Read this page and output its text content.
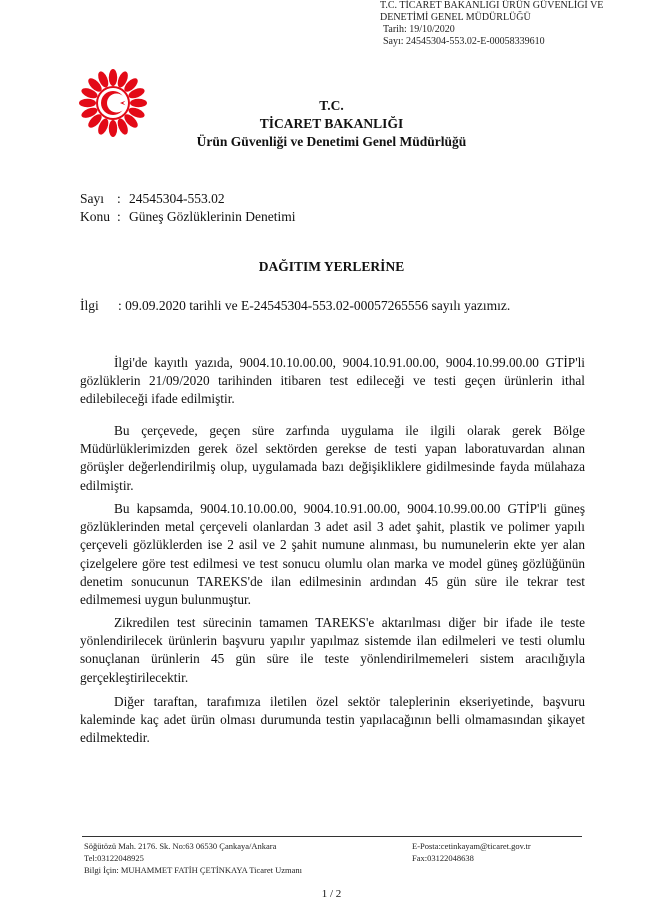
T.C. TİCARET BAKANLIĞI ÜRÜN GÜVENLİĞİ VE
DENETİMİ GENEL MÜDÜRLÜĞÜ
Tarih: 19/10/2020
Sayı: 24545304-553.02-E-00058339610
T.C.
TİCARET BAKANLIĞI
Ürün Güvenliği ve Denetimi Genel Müdürlüğü
Sayı : 24545304-553.02
Konu : Güneş Gözlüklerinin Denetimi
DAĞITIM YERLERİNE
İlgi : 09.09.2020 tarihli ve E-24545304-553.02-00057265556 sayılı yazımız.

İlgi'de kayıtlı yazıda, 9004.10.10.00.00, 9004.10.91.00.00, 9004.10.99.00.00 GTİP'li gözlüklerin 21/09/2020 tarihinden itibaren test edileceği ve testi geçen ürünlerin ithal edilebileceği ifade edilmiştir.

Bu çerçevede, geçen süre zarfında uygulama ile ilgili olarak gerek Bölge Müdürlüklerimizden gerek özel sektörden gerekse de testi yapan laboratuvardan alınan görüşler değerlendirilmiş olup, uygulamada bazı değişikliklere gidilmesinde fayda mülahaza edilmiştir.

Bu kapsamda, 9004.10.10.00.00, 9004.10.91.00.00, 9004.10.99.00.00 GTİP'li güneş gözlüklerinden metal çerçeveli olanlardan 3 adet asil 3 adet şahit, plastik ve polimer yapılı çerçeveli gözlüklerden ise 2 asil ve 2 şahit numune alınması, bu numunelerin ekte yer alan çizelgelere göre test edilmesi ve test sonucu olumlu olan marka ve model güneş gözlüğünün denetim sonucunun TAREKS'de ilan edilmesinin ardından 45 gün süre ile tekrar test edilmemesi uygun bulunmuştur.

Zikredilen test sürecinin tamamen TAREKS'e aktarılması diğer bir ifade ile teste yönlendirilecek ürünlerin başvuru yapılır yapılmaz sistemde ilan edilmeleri ve testi olumlu sonuçlanan ürünlerin 45 gün süre ile teste yönlendirilmemeleri sistem aracılığıyla gerçekleştirilecektir.

Diğer taraftan, tarafımıza iletilen özel sektör taleplerinin ekseriyetinde, başvuru kaleminde kaç adet ürün olması durumunda testin yapılacağının belli olmamasından şikayet edilmektedir.

Söğütözü Mah. 2176. Sk. No:63 06530 Çankaya/Ankara
Tel:03122048925
Bilgi İçin: MUHAMMET FATİH ÇETİNKAYA Ticaret Uzmanı
E-Posta:cetinkayam@ticaret.gov.tr
Fax:03122048638
1 / 2
